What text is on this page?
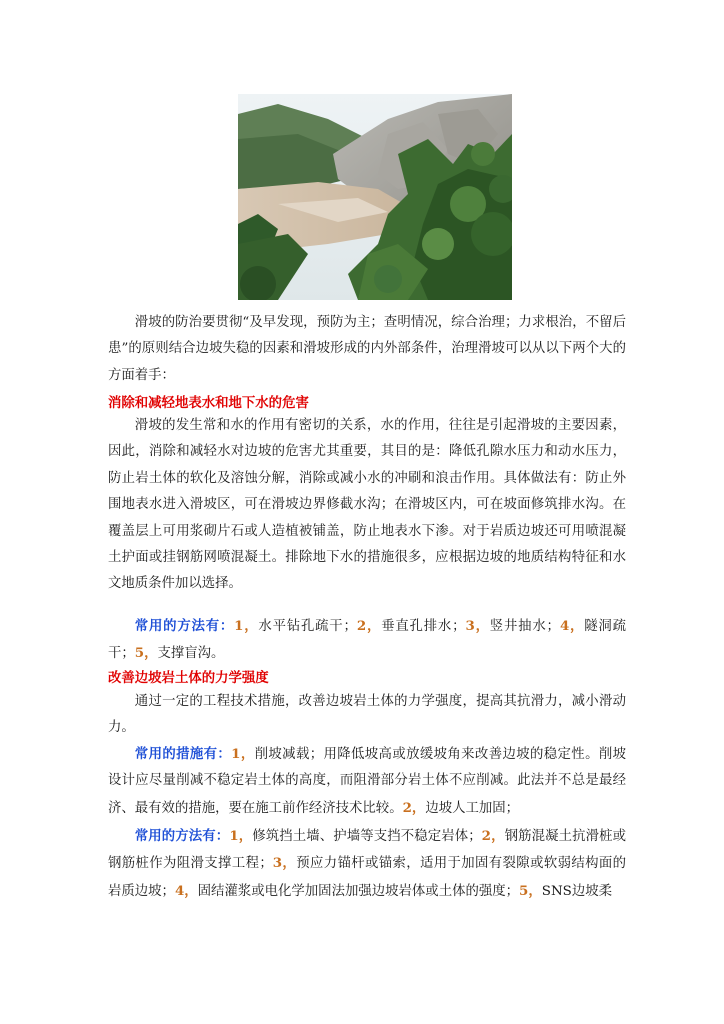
滑坡的防治要贯彻“及早发现，预防为主；查明情况，综合治理；力求根治，不留后患”的原则结合边坡失稳的因素和滑坡形成的内外部条件，治理滑坡可以从以下两个大的方面着手：

消除和减轻地表水和地下水的危害

滑坡的发生常和水的作用有密切的关系，水的作用，往往是引起滑坡的主要因素，因此，消除和减轻水对边坡的危害尤其重要，其目的是：降低孔隙水压力和动水压力，防止岩土体的软化及溶蚀分解，消除或减小水的冲刷和浪击作用。具体做法有：防止外围地表水进入滑坡区，可在滑坡边界修截水沟；在滑坡区内，可在坡面修筑排水沟。在覆盖层上可用浆砌片石或人造植被铺盖，防止地表水下渗。对于岩质边坡还可用喷混凝土护面或挂钢筋网喷混凝土。排除地下水的措施很多，应根据边坡的地质结构特征和水文地质条件加以选择。

常用的方法有：1，水平钻孔疏干；2，垂直孔排水；3，竖井抽水；4，隧洞疏干；5，支撑盲沟。

改善边坡岩土体的力学强度

通过一定的工程技术措施，改善边坡岩土体的力学强度，提高其抗滑力，减小滑动力。

常用的措施有：1，削坡减载；用降低坡高或放缓坡角来改善边坡的稳定性。削坡设计应尽量削减不稳定岩土体的高度，而阻滑部分岩土体不应削减。此法并不总是最经济、最有效的措施，要在施工前作经济技术比较。2，边坡人工加固；

常用的方法有：1，修筑挡土墙、护墙等支挡不稳定岩体；2，钢筋混凝土抗滑桩或钢筋桩作为阻滑支撑工程；3，预应力锚杆或锚索，适用于加固有裂隙或软弱结构面的岩质边坡；4，固结灌浆或电化学加固法加强边坡岩体或土体的强度；5，SNS边坡柔
